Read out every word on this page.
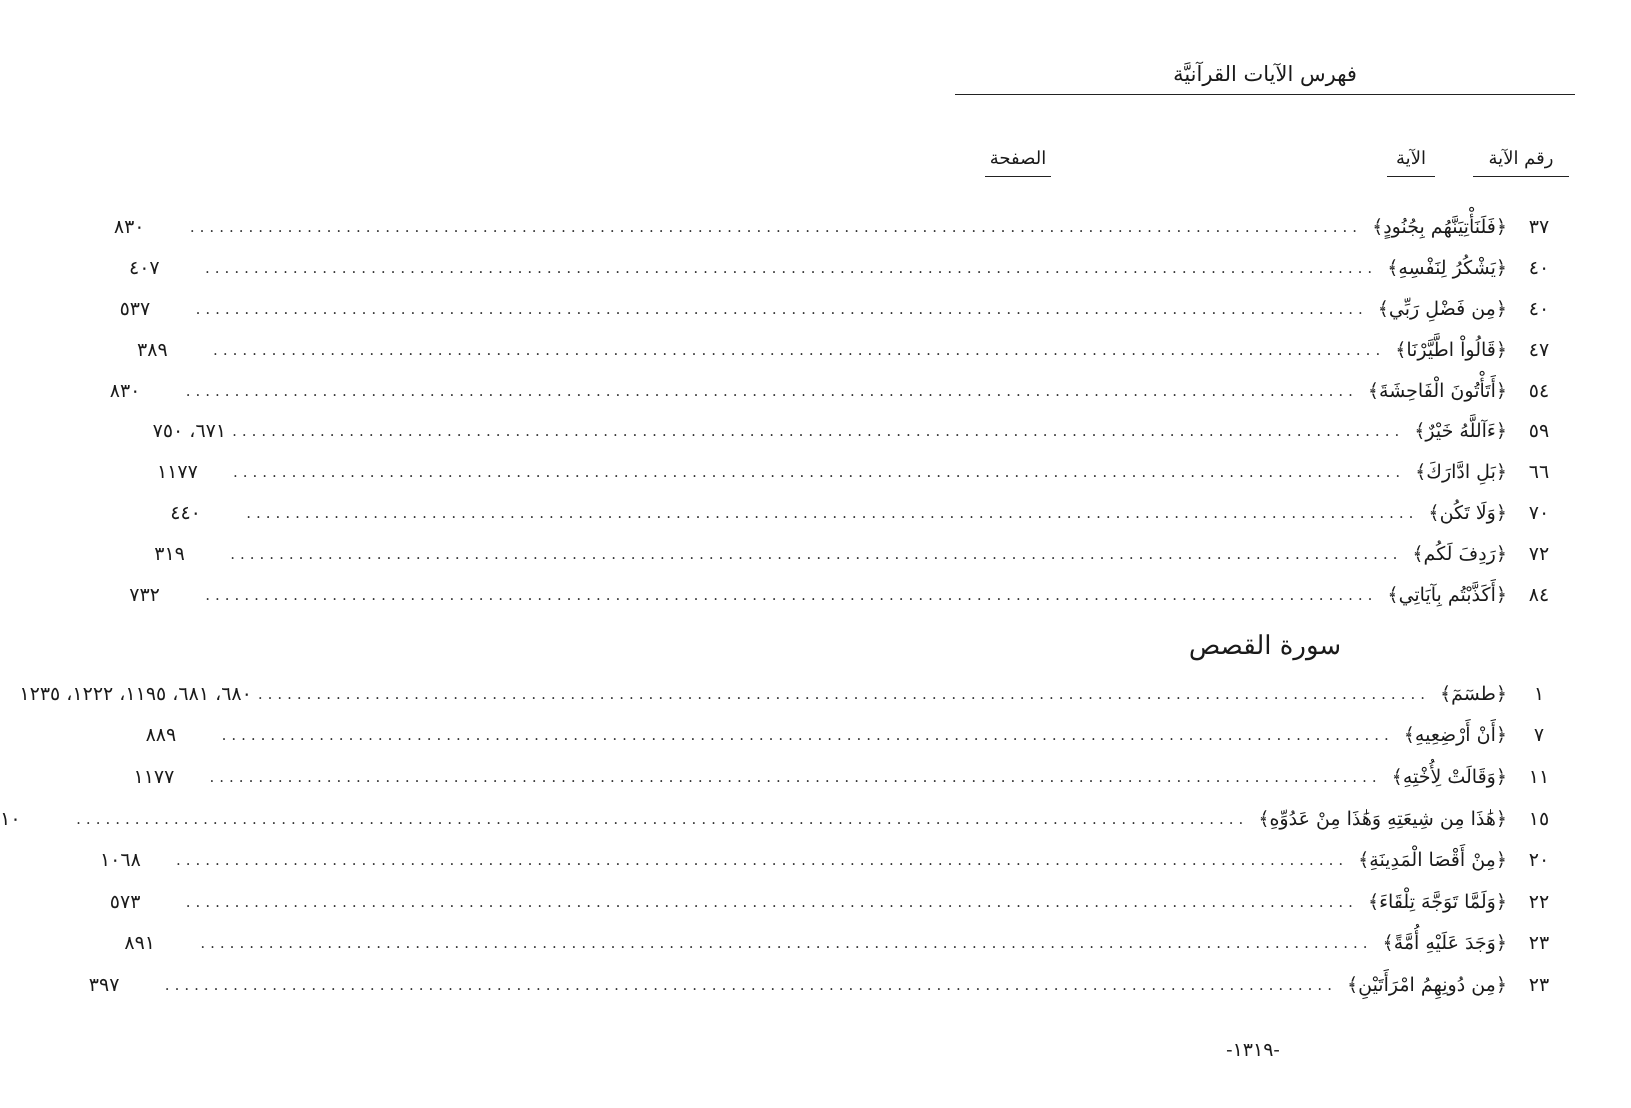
فهرس الآيات القرآنيَّة
رقم الآية
الآية
الصفحة
٣٧
﴿فَلَنَأْتِيَنَّهُم بِجُنُودٍ﴾
........................................................................................................................
٨٣٠
٤٠
﴿يَشْكُرُ لِنَفْسِهِ﴾
........................................................................................................................
٤٠٧
٤٠
﴿مِن فَضْلِ رَبِّي﴾
........................................................................................................................
٥٣٧
٤٧
﴿قَالُواْ اطَّيَّرْنَا﴾
........................................................................................................................
٣٨٩
٥٤
﴿أَتَأْتُونَ الْفَاحِشَةَ﴾
........................................................................................................................
٨٣٠
٥٩
﴿ءَآللَّهُ خَيْرٌ﴾
........................................................................................................................
٦٧١، ٧٥٠
٦٦
﴿بَلِ ادَّارَكَ﴾
........................................................................................................................
١١٧٧
٧٠
﴿وَلَا تَكُن﴾
........................................................................................................................
٤٤٠
٧٢
﴿رَدِفَ لَكُم﴾
........................................................................................................................
٣١٩
٨٤
﴿أَكَذَّبْتُم بِآيَاتِي﴾
........................................................................................................................
٧٣٢
سورة القصص
١
﴿طسٓمٓ﴾
........................................................................................................................
٦٨٠، ٦٨١، ١١٩٥، ١٢٢٢، ١٢٣٥
٧
﴿أَنْ أَرْضِعِيهِ﴾
........................................................................................................................
٨٨٩
١١
﴿وَقَالَتْ لِأُخْتِهِ﴾
........................................................................................................................
١١٧٧
١٥
﴿هَٰذَا مِن شِيعَتِهِ وَهَٰذَا مِنْ عَدُوِّهِ﴾
........................................................................................................................
١٠
٢٠
﴿مِنْ أَقْصَا الْمَدِينَةِ﴾
........................................................................................................................
١٠٦٨
٢٢
﴿وَلَمَّا تَوَجَّهَ تِلْقَاءَ﴾
........................................................................................................................
٥٧٣
٢٣
﴿وَجَدَ عَلَيْهِ أُمَّةً﴾
........................................................................................................................
٨٩١
٢٣
﴿مِن دُونِهِمُ امْرَأَتَيْنِ﴾
........................................................................................................................
٣٩٧
-١٣١٩-
